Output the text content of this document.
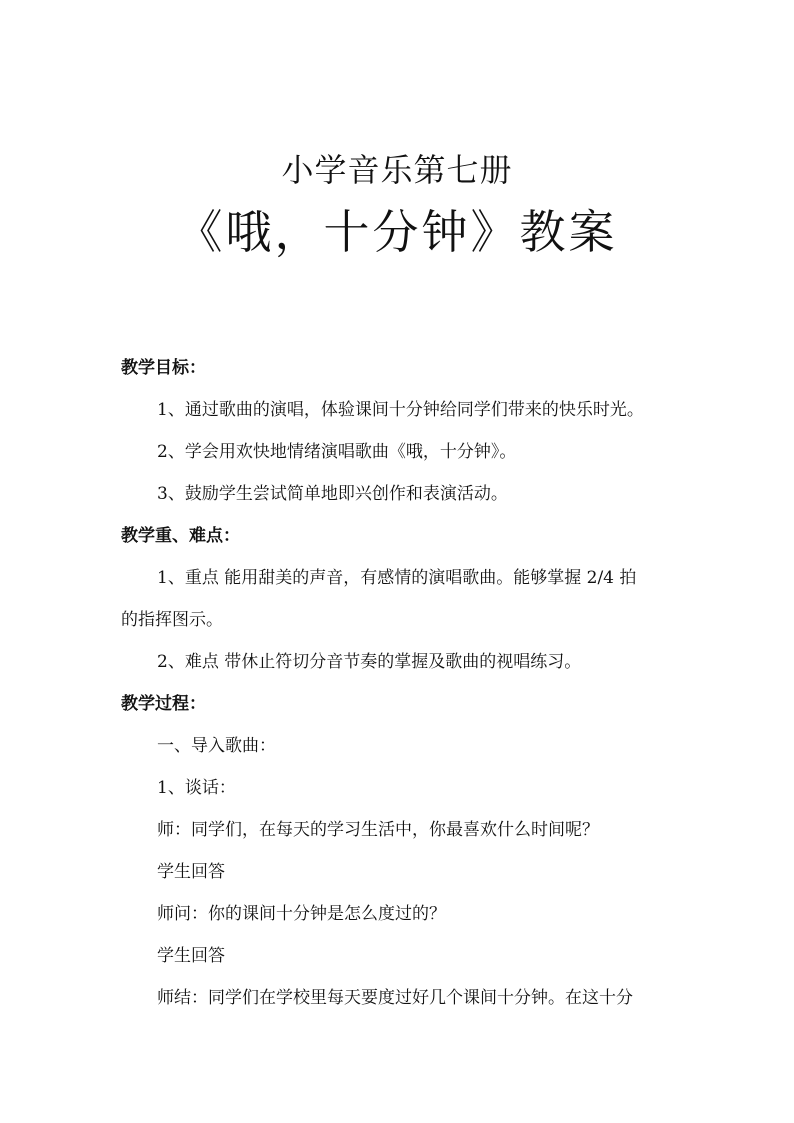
小学音乐第七册
《哦，十分钟》教案
教学目标：
1、通过歌曲的演唱，体验课间十分钟给同学们带来的快乐时光。
2、学会用欢快地情绪演唱歌曲《哦，十分钟》。
3、鼓励学生尝试简单地即兴创作和表演活动。
教学重、难点：
1、重点 能用甜美的声音，有感情的演唱歌曲。能够掌握 2/4 拍
的指挥图示。
2、难点 带休止符切分音节奏的掌握及歌曲的视唱练习。
教学过程：
一、导入歌曲：
1、谈话：
师：同学们，在每天的学习生活中，你最喜欢什么时间呢？
学生回答
师问：你的课间十分钟是怎么度过的？
学生回答
师结：同学们在学校里每天要度过好几个课间十分钟。在这十分
